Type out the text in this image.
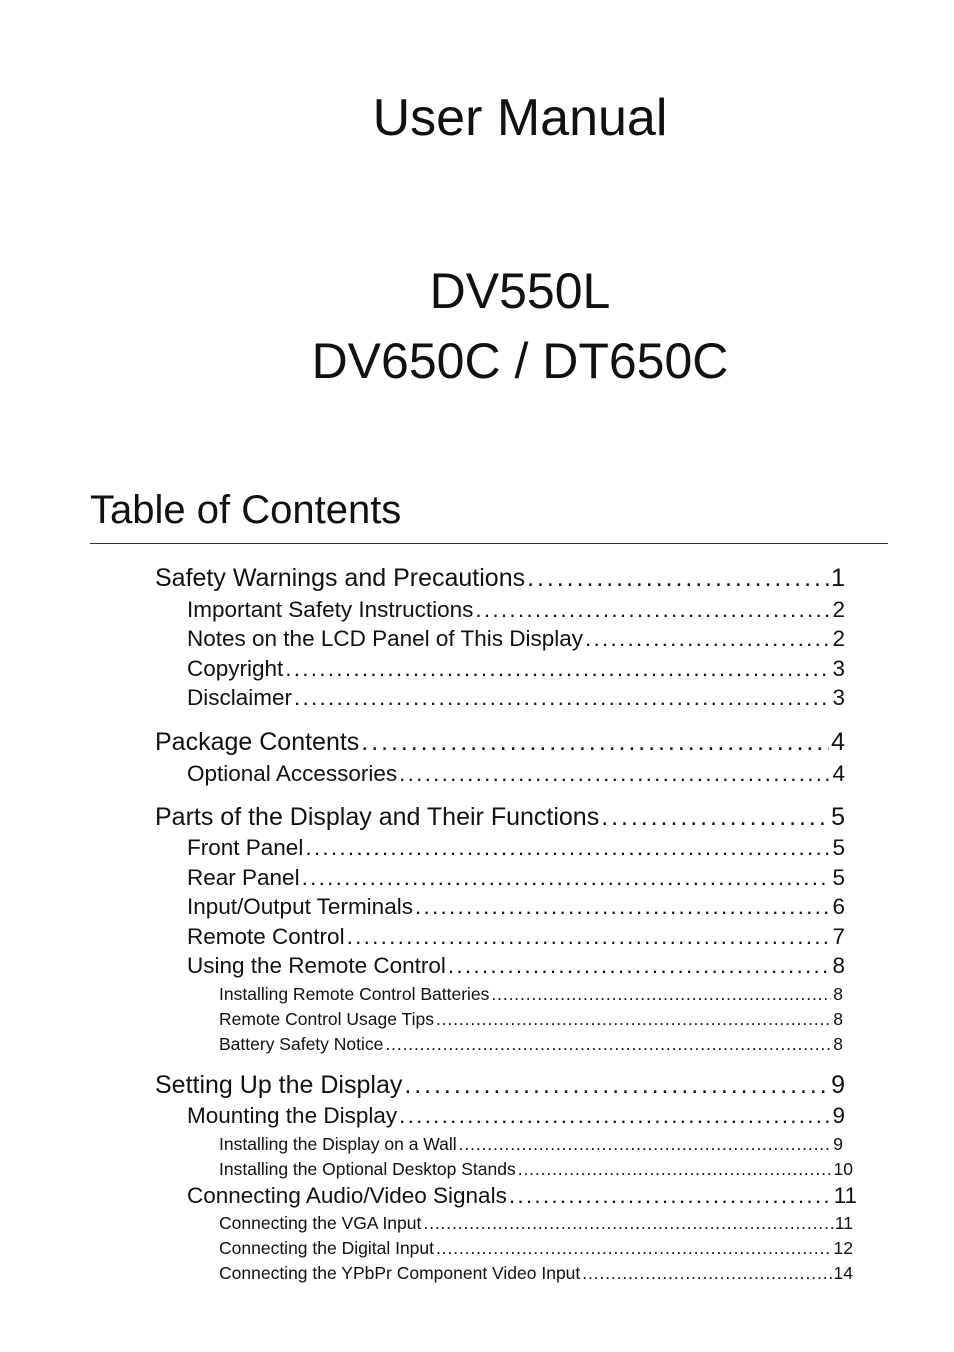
User Manual
DV550L
DV650C / DT650C
Table of Contents
Safety Warnings and Precautions . . .	1
Important Safety Instructions . . .	2
Notes on the LCD Panel of This Display . . .	2
Copyright . . .	3
Disclaimer . . .	3
Package Contents . . .	4
Optional Accessories . . .	4
Parts of the Display and Their Functions . . .	5
Front Panel . . .	5
Rear Panel . . .	5
Input/Output Terminals . . .	6
Remote Control . . .	7
Using the Remote Control . . .	8
Installing Remote Control Batteries . . .	8
Remote Control Usage Tips . . .	8
Battery Safety Notice . . .	8
Setting Up the Display . . .	9
Mounting the Display . . .	9
Installing the Display on a Wall . . .	9
Installing the Optional Desktop Stands . . .	10
Connecting Audio/Video Signals . . .	11
Connecting the VGA Input . . .	11
Connecting the Digital Input . . .	12
Connecting the YPbPr Component Video Input . . .	14
